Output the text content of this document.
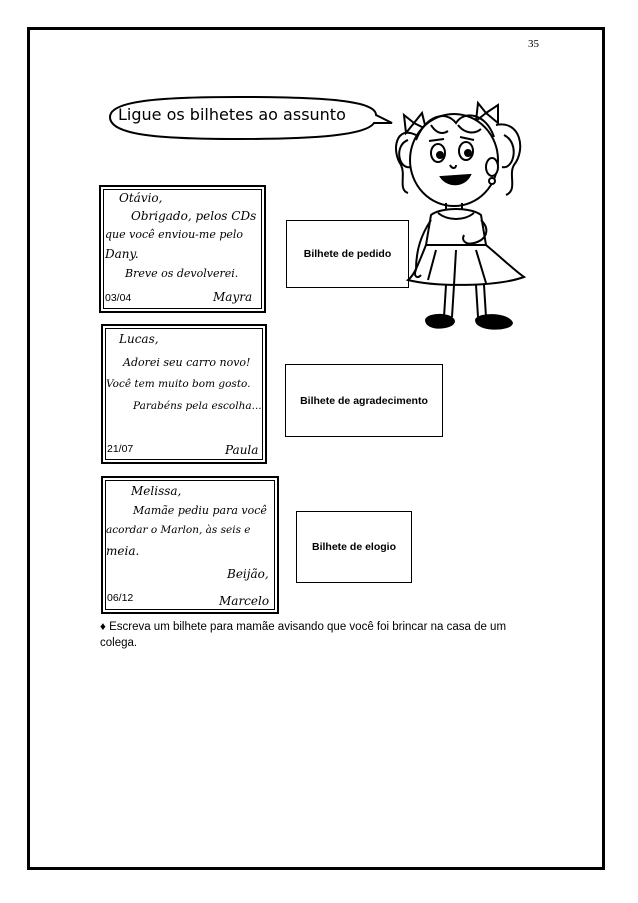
35
Ligue os bilhetes ao assunto
Otávio,
Obrigado, pelos CDs
que você enviou-me pelo
Dany.
Breve os devolverei.
03/04	Mayra
Lucas,
Adorei seu carro novo!
Você tem muito bom gosto.
Parabéns pela escolha...
21/07	Paula
Melissa,
Mamãe pediu para você
acordar o Marlon, às seis e
meia.
Beijão,
06/12	Marcelo
Bilhete de pedido
Bilhete de agradecimento
Bilhete de elogio
♦ Escreva um bilhete para mamãe avisando que você foi brincar na casa de um colega.
